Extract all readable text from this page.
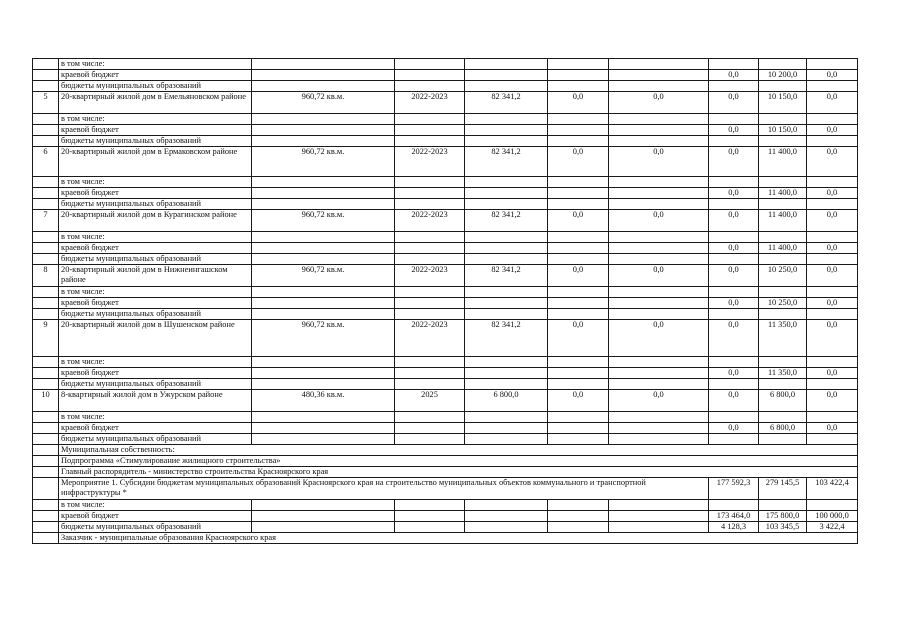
	в том числе:								
	краевой бюджет						0,0	10 200,0	0,0
	бюджеты муниципальных образований								
5	20-квартирный жилой дом в Емельяновском районе	960,72 кв.м.	2022-2023	82 341,2	0,0	0,0	0,0	10 150,0	0,0
	в том числе:								
	краевой бюджет						0,0	10 150,0	0,0
	бюджеты муниципальных образований								
6	20-квартирный жилой дом в Ермаковском районе	960,72 кв.м.	2022-2023	82 341,2	0,0	0,0	0,0	11 400,0	0,0
	в том числе:								
	краевой бюджет						0,0	11 400,0	0,0
	бюджеты муниципальных образований								
7	20-квартирный жилой дом в Курагинском районе	960,72 кв.м.	2022-2023	82 341,2	0,0	0,0	0,0	11 400,0	0,0
	в том числе:								
	краевой бюджет						0,0	11 400,0	0,0
	бюджеты муниципальных образований								
8	20-квартирный жилой дом в Нижнеингашском районе	960,72 кв.м.	2022-2023	82 341,2	0,0	0,0	0,0	10 250,0	0,0
	в том числе:								
	краевой бюджет						0,0	10 250,0	0,0
	бюджеты муниципальных образований								
9	20-квартирный жилой дом в Шушенском районе	960,72 кв.м.	2022-2023	82 341,2	0,0	0,0	0,0	11 350,0	0,0
	в том числе:								
	краевой бюджет						0,0	11 350,0	0,0
	бюджеты муниципальных образований								
10	8-квартирный жилой дом в Ужурском районе	480,36 кв.м.	2025	6 800,0	0,0	0,0	0,0	6 800,0	0,0
	в том числе:								
	краевой бюджет						0,0	6 800,0	0,0
	бюджеты муниципальных образований								
	Муниципальная собственность:								
	Подпрограмма «Стимулирование жилищного строительства»								
	Главный распорядитель - министерство строительства Красноярского края								
	Мероприятие 1. Субсидии бюджетам муниципальных образований Красноярского края на строительство муниципальных объектов коммунального и транспортной инфраструктуры *						177 592,3	279 145,5	103 422,4
	в том числе:								
	краевой бюджет						173 464,0	175 800,0	100 000,0
	бюджеты муниципальных образований						4 128,3	103 345,5	3 422,4
	Заказчик - муниципальные образования Красноярского края								
